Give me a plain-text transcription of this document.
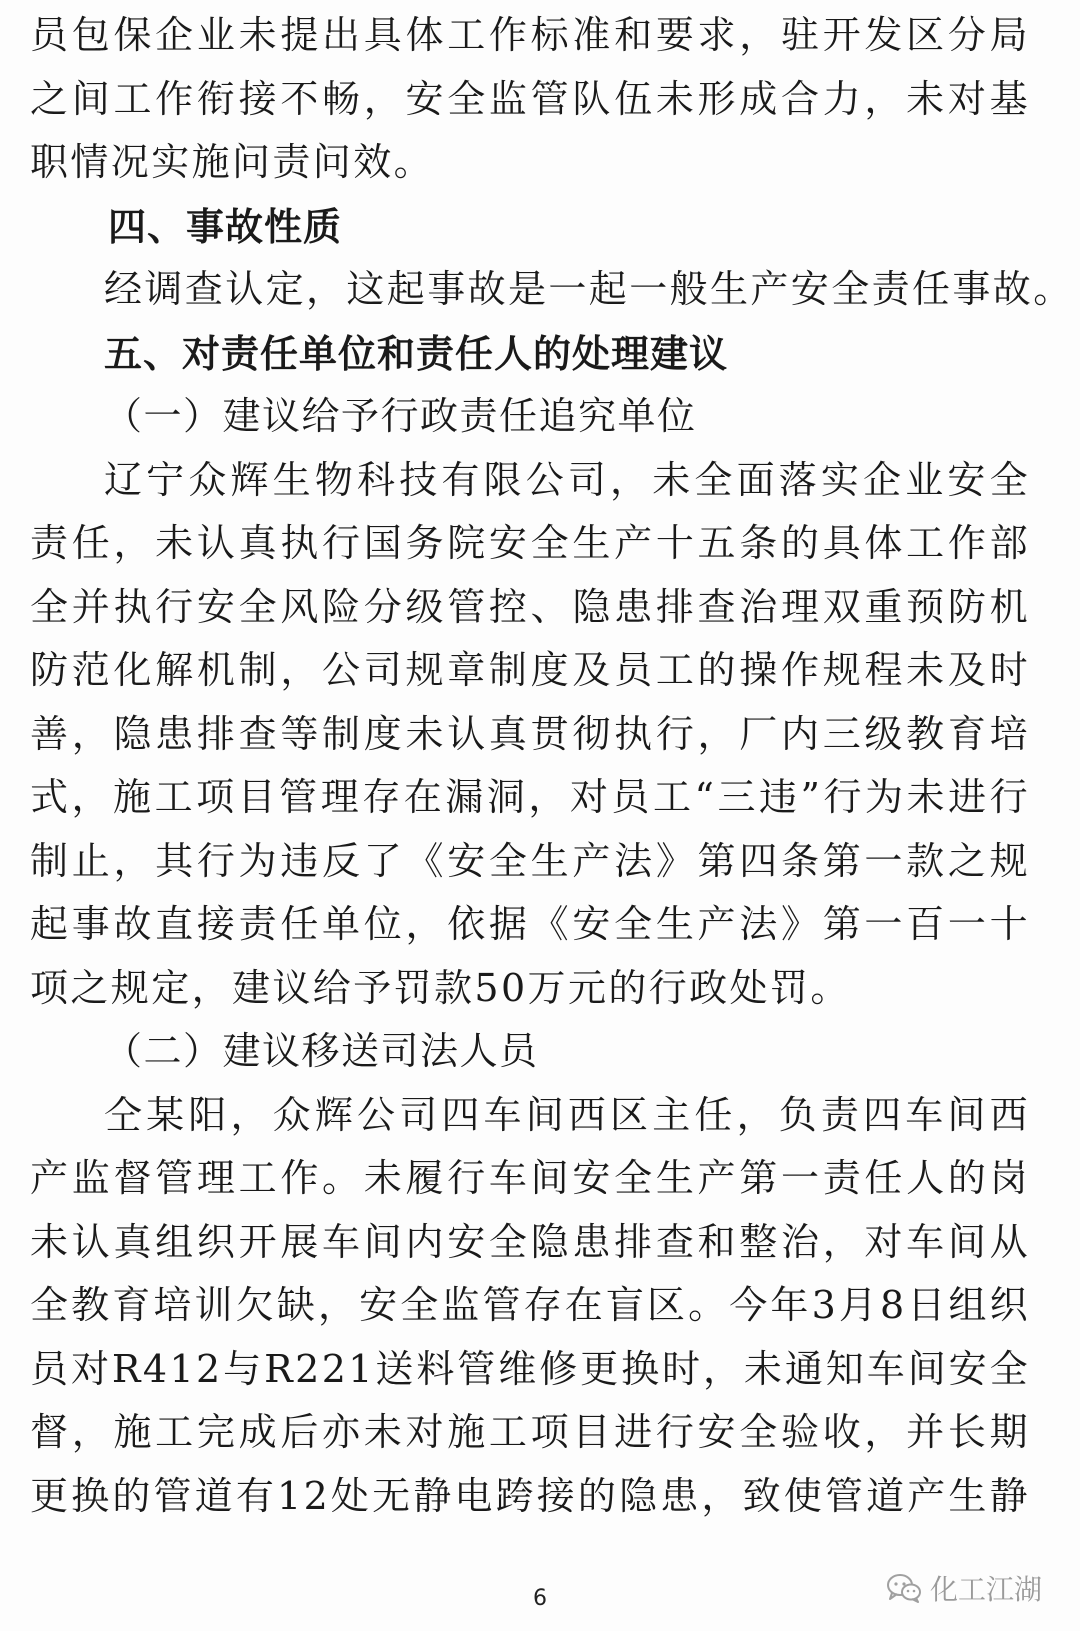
员包保企业未提出具体工作标准和要求，驻开发区分局
之间工作衔接不畅，安全监管队伍未形成合力，未对基
职情况实施问责问效。
四、事故性质
经调查认定，这起事故是一起一般生产安全责任事故。
五、对责任单位和责任人的处理建议
（一）建议给予行政责任追究单位
辽宁众辉生物科技有限公司，未全面落实企业安全
责任，未认真执行国务院安全生产十五条的具体工作部
全并执行安全风险分级管控、隐患排查治理双重预防机
防范化解机制，公司规章制度及员工的操作规程未及时
善，隐患排查等制度未认真贯彻执行，厂内三级教育培
式，施工项目管理存在漏洞，对员工“三违”行为未进行
制止，其行为违反了《安全生产法》第四条第一款之规
起事故直接责任单位，依据《安全生产法》第一百一十
项之规定，建议给予罚款50万元的行政处罚。
（二）建议移送司法人员
仝某阳，众辉公司四车间西区主任，负责四车间西
产监督管理工作。未履行车间安全生产第一责任人的岗
未认真组织开展车间内安全隐患排查和整治，对车间从
全教育培训欠缺，安全监管存在盲区。今年3月8日组织
员对R412与R221送料管维修更换时，未通知车间安全
督，施工完成后亦未对施工项目进行安全验收，并长期
更换的管道有12处无静电跨接的隐患，致使管道产生静
6	化工江湖
